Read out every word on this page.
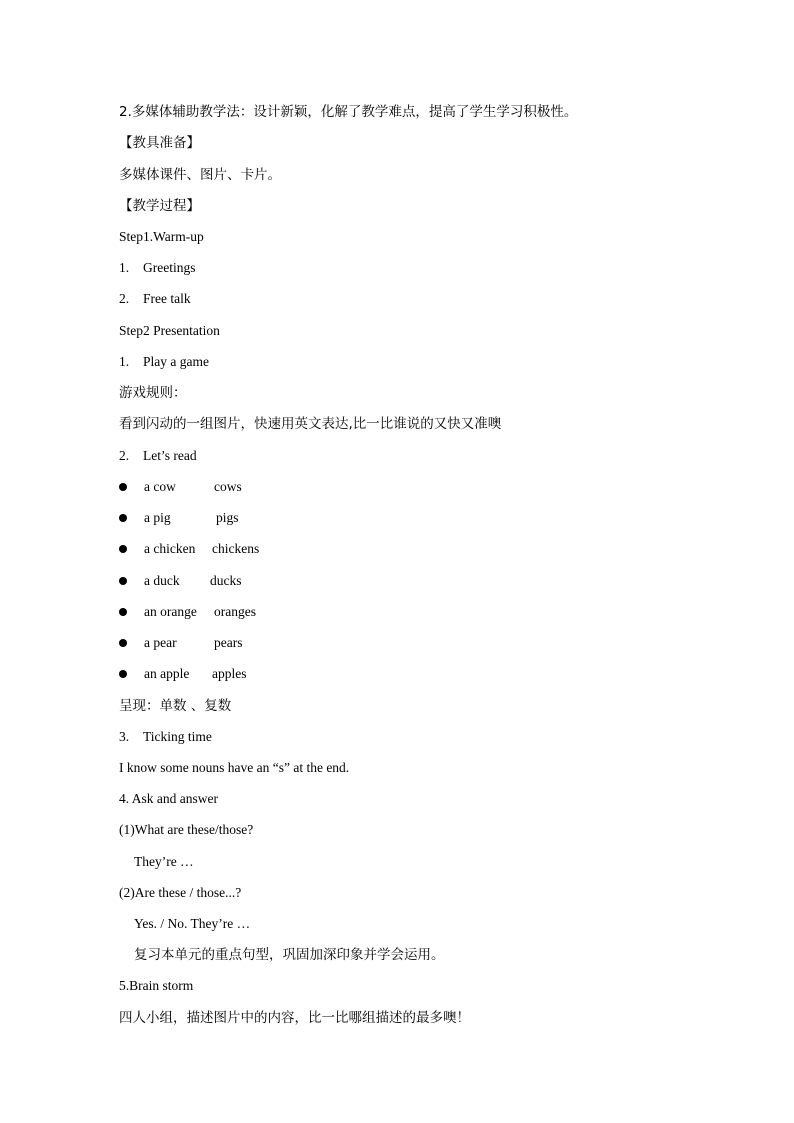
2.多媒体辅助教学法：设计新颖，化解了教学难点，提高了学生学习积极性。
【教具准备】
多媒体课件、图片、卡片。
【教学过程】
Step1.Warm-up
1. Greetings
2. Free talk
Step2 Presentation
1. Play a game
游戏规则：
看到闪动的一组图片，快速用英文表达,比一比谁说的又快又准噢
2. Let’s read
a cow	cows
a pig	pigs
a chicken chickens
a duck ducks
an orange oranges
a pear	pears
an apple apples
呈现：单数 、复数
3. Ticking time
I know some nouns have an “s” at the end.
4. Ask and answer
(1)What are these/those?
They’re …
(2)Are these / those...?
Yes. / No. They’re …
复习本单元的重点句型，巩固加深印象并学会运用。
5.Brain storm
四人小组，描述图片中的内容，比一比哪组描述的最多噢！
